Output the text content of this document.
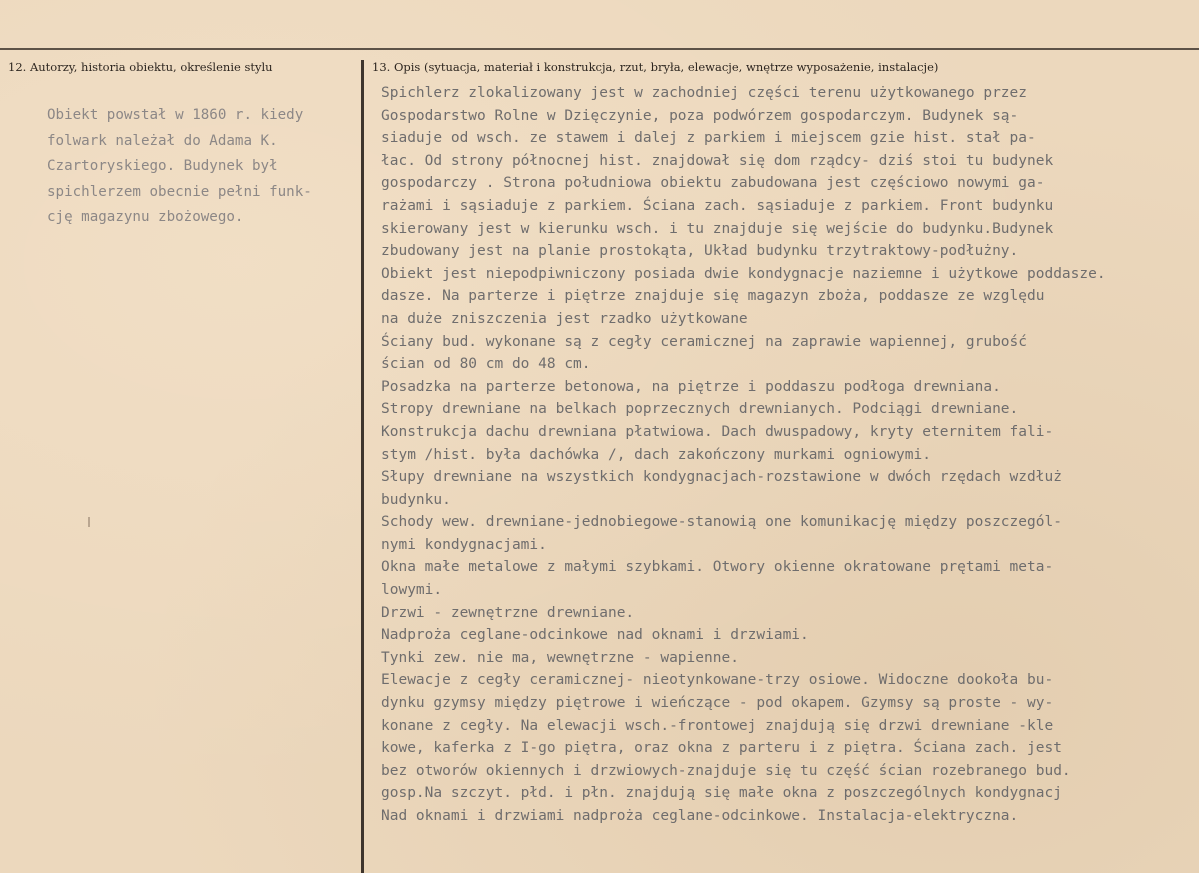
12. Autorzy, historia obiektu, określenie stylu	13. Opis (sytuacja, materiał i konstrukcja, rzut, bryła, elewacje, wnętrze wyposażenie, instalacje)
Obiekt powstał w 1860 r. kiedy
folwark należał do Adama K.
Czartoryskiego. Budynek był
spichlerzem obecnie pełni funk-
cję magazynu zbożowego.
Spichlerz zlokalizowany jest w zachodniej części terenu użytkowanego przez
Gospodarstwo Rolne w Dzięczynie, poza podwórzem gospodarczym. Budynek są-
siaduje od wsch. ze stawem i dalej z parkiem i miejscem gzie hist. stał pa-
łac. Od strony północnej hist. znajdował się dom rządcy- dziś stoi tu budynek
gospodarczy . Strona południowa obiektu zabudowana jest częściowo nowymi ga-
rażami i sąsiaduje z parkiem. Ściana zach. sąsiaduje z parkiem. Front budynku
skierowany jest w kierunku wsch. i tu znajduje się wejście do budynku.Budynek
zbudowany jest na planie prostokąta, Układ budynku trzytraktowy-podłużny.
Obiekt jest niepodpiwniczony posiada dwie kondygnacje naziemne i użytkowe poddasze.
dasze. Na parterze i piętrze znajduje się magazyn zboża, poddasze ze względu
na duże zniszczenia jest rzadko użytkowane
Ściany bud. wykonane są z cegły ceramicznej na zaprawie wapiennej, grubość
ścian od 80 cm do 48 cm.
Posadzka na parterze betonowa, na piętrze i poddaszu podłoga drewniana.
Stropy drewniane na belkach poprzecznych drewnianych. Podciągi drewniane.
Konstrukcja dachu drewniana płatwiowa. Dach dwuspadowy, kryty eternitem fali-
stym /hist. była dachówka /, dach zakończony murkami ogniowymi.
Słupy drewniane na wszystkich kondygnacjach-rozstawione w dwóch rzędach wzdłuż
budynku.
Schody wew. drewniane-jednobiegowe-stanowią one komunikację między poszczegól-
nymi kondygnacjami.
Okna małe metalowe z małymi szybkami. Otwory okienne okratowane prętami meta-
lowymi.
Drzwi - zewnętrzne drewniane.
Nadproża ceglane-odcinkowe nad oknami i drzwiami.
Tynki zew. nie ma, wewnętrzne - wapienne.
Elewacje z cegły ceramicznej- nieotynkowane-trzy osiowe. Widoczne dookoła bu-
dynku gzymsy między piętrowe i wieńczące - pod okapem. Gzymsy są proste - wy-
konane z cegły. Na elewacji wsch.-frontowej znajdują się drzwi drewniane -kle
kowe, kaferka z I-go piętra, oraz okna z parteru i z piętra. Ściana zach. jest
bez otworów okiennych i drzwiowych-znajduje się tu część ścian rozebranego bud.
gosp.Na szczyt. płd. i płn. znajdują się małe okna z poszczególnych kondygnacj
Nad oknami i drzwiami nadproża ceglane-odcinkowe. Instalacja-elektryczna.
